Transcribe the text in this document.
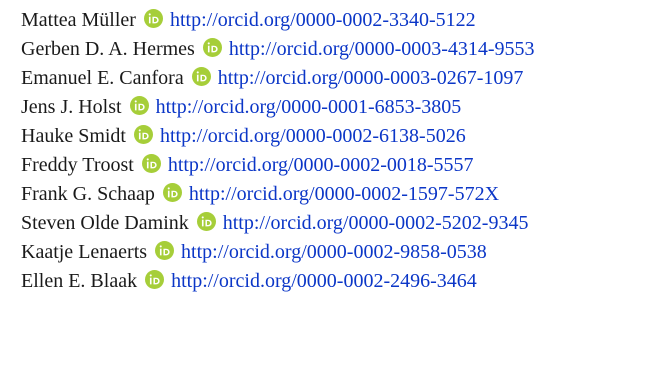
Mattea Müller http://orcid.org/0000-0002-3340-5122

Gerben D. A. Hermes http://orcid.org/0000-0003-4314-9553

Emanuel E. Canfora http://orcid.org/0000-0003-0267-1097

Jens J. Holst http://orcid.org/0000-0001-6853-3805

Hauke Smidt http://orcid.org/0000-0002-6138-5026

Freddy Troost http://orcid.org/0000-0002-0018-5557

Frank G. Schaap http://orcid.org/0000-0002-1597-572X

Steven Olde Damink http://orcid.org/0000-0002-5202-9345

Kaatje Lenaerts http://orcid.org/0000-0002-9858-0538

Ellen E. Blaak http://orcid.org/0000-0002-2496-3464
